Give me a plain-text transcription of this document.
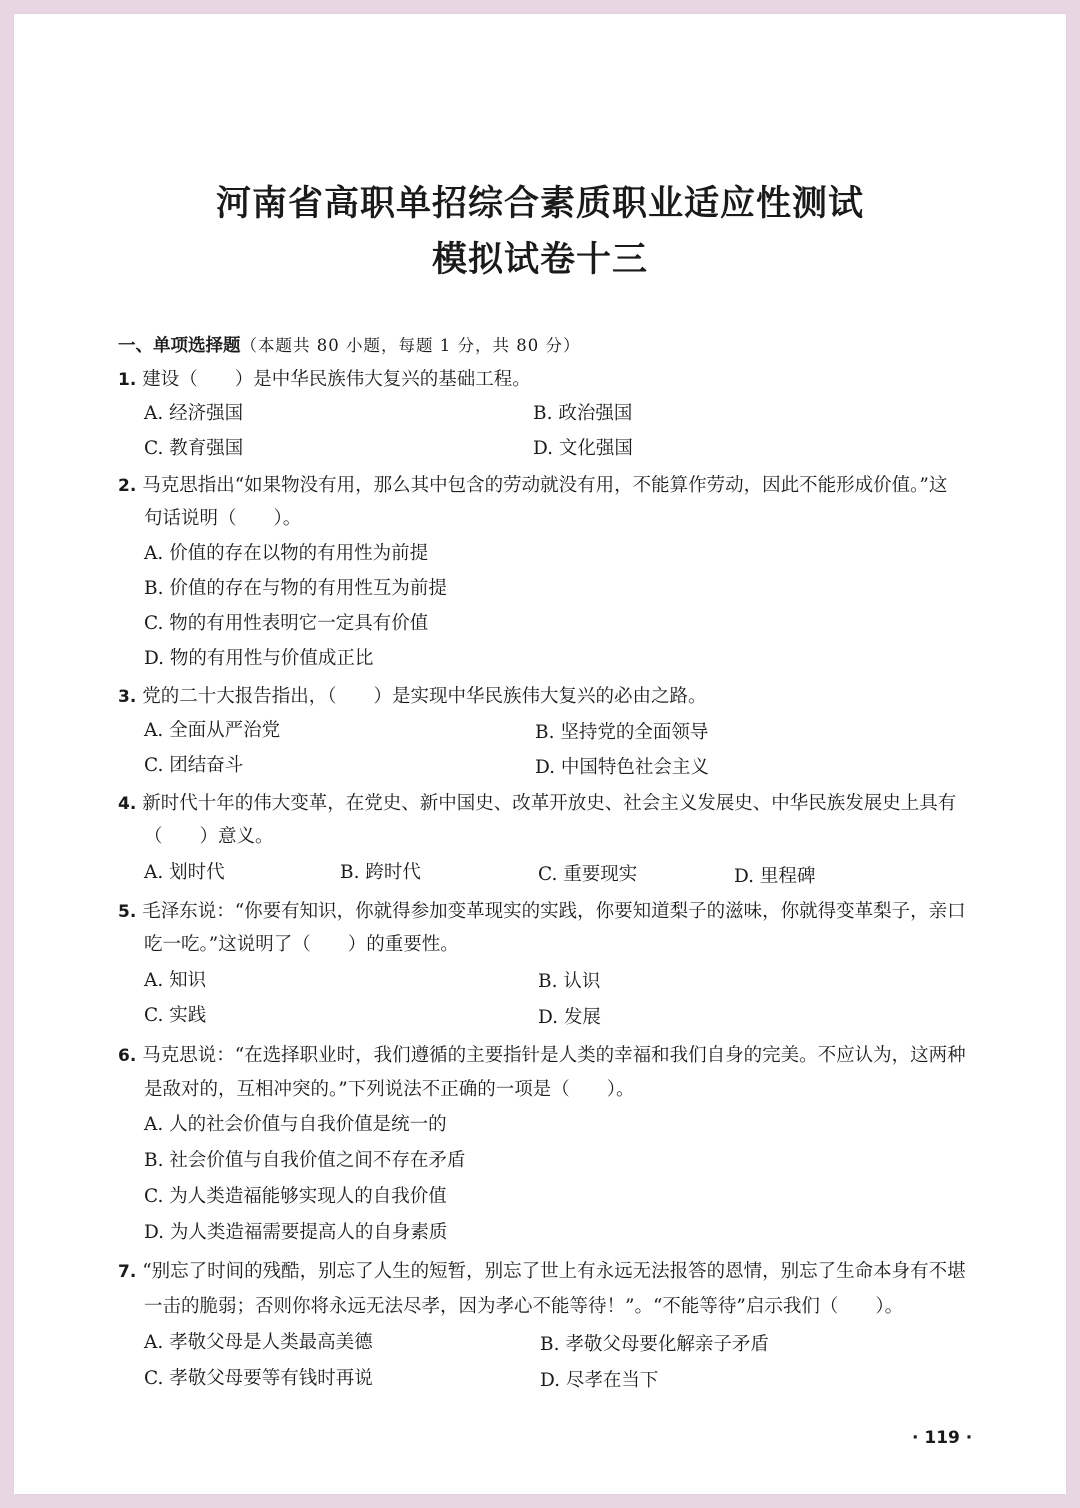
河南省高职单招综合素质职业适应性测试
模拟试卷十三
一、单项选择题（本题共 80 小题，每题 1 分，共 80 分）
1. 建设（　　）是中华民族伟大复兴的基础工程。
A. 经济强国	B. 政治强国
C. 教育强国	D. 文化强国
2. 马克思指出“如果物没有用，那么其中包含的劳动就没有用，不能算作劳动，因此不能形成价值。”这
句话说明（　　）。
A. 价值的存在以物的有用性为前提
B. 价值的存在与物的有用性互为前提
C. 物的有用性表明它一定具有价值
D. 物的有用性与价值成正比
3. 党的二十大报告指出，（　　）是实现中华民族伟大复兴的必由之路。
A. 全面从严治党	B. 坚持党的全面领导
C. 团结奋斗	D. 中国特色社会主义
4. 新时代十年的伟大变革，在党史、新中国史、改革开放史、社会主义发展史、中华民族发展史上具有
（　　）意义。
A. 划时代	B. 跨时代	C. 重要现实	D. 里程碑
5. 毛泽东说：“你要有知识，你就得参加变革现实的实践，你要知道梨子的滋味，你就得变革梨子，亲口
吃一吃。”这说明了（　　）的重要性。
A. 知识	B. 认识
C. 实践	D. 发展
6. 马克思说：“在选择职业时，我们遵循的主要指针是人类的幸福和我们自身的完美。不应认为，这两种
是敌对的，互相冲突的。”下列说法不正确的一项是（　　）。
A. 人的社会价值与自我价值是统一的
B. 社会价值与自我价值之间不存在矛盾
C. 为人类造福能够实现人的自我价值
D. 为人类造福需要提高人的自身素质
7. “别忘了时间的残酷，别忘了人生的短暂，别忘了世上有永远无法报答的恩情，别忘了生命本身有不堪
一击的脆弱；否则你将永远无法尽孝，因为孝心不能等待！”。“不能等待”启示我们（　　）。
A. 孝敬父母是人类最高美德	B. 孝敬父母要化解亲子矛盾
C. 孝敬父母要等有钱时再说	D. 尽孝在当下
· 119 ·
